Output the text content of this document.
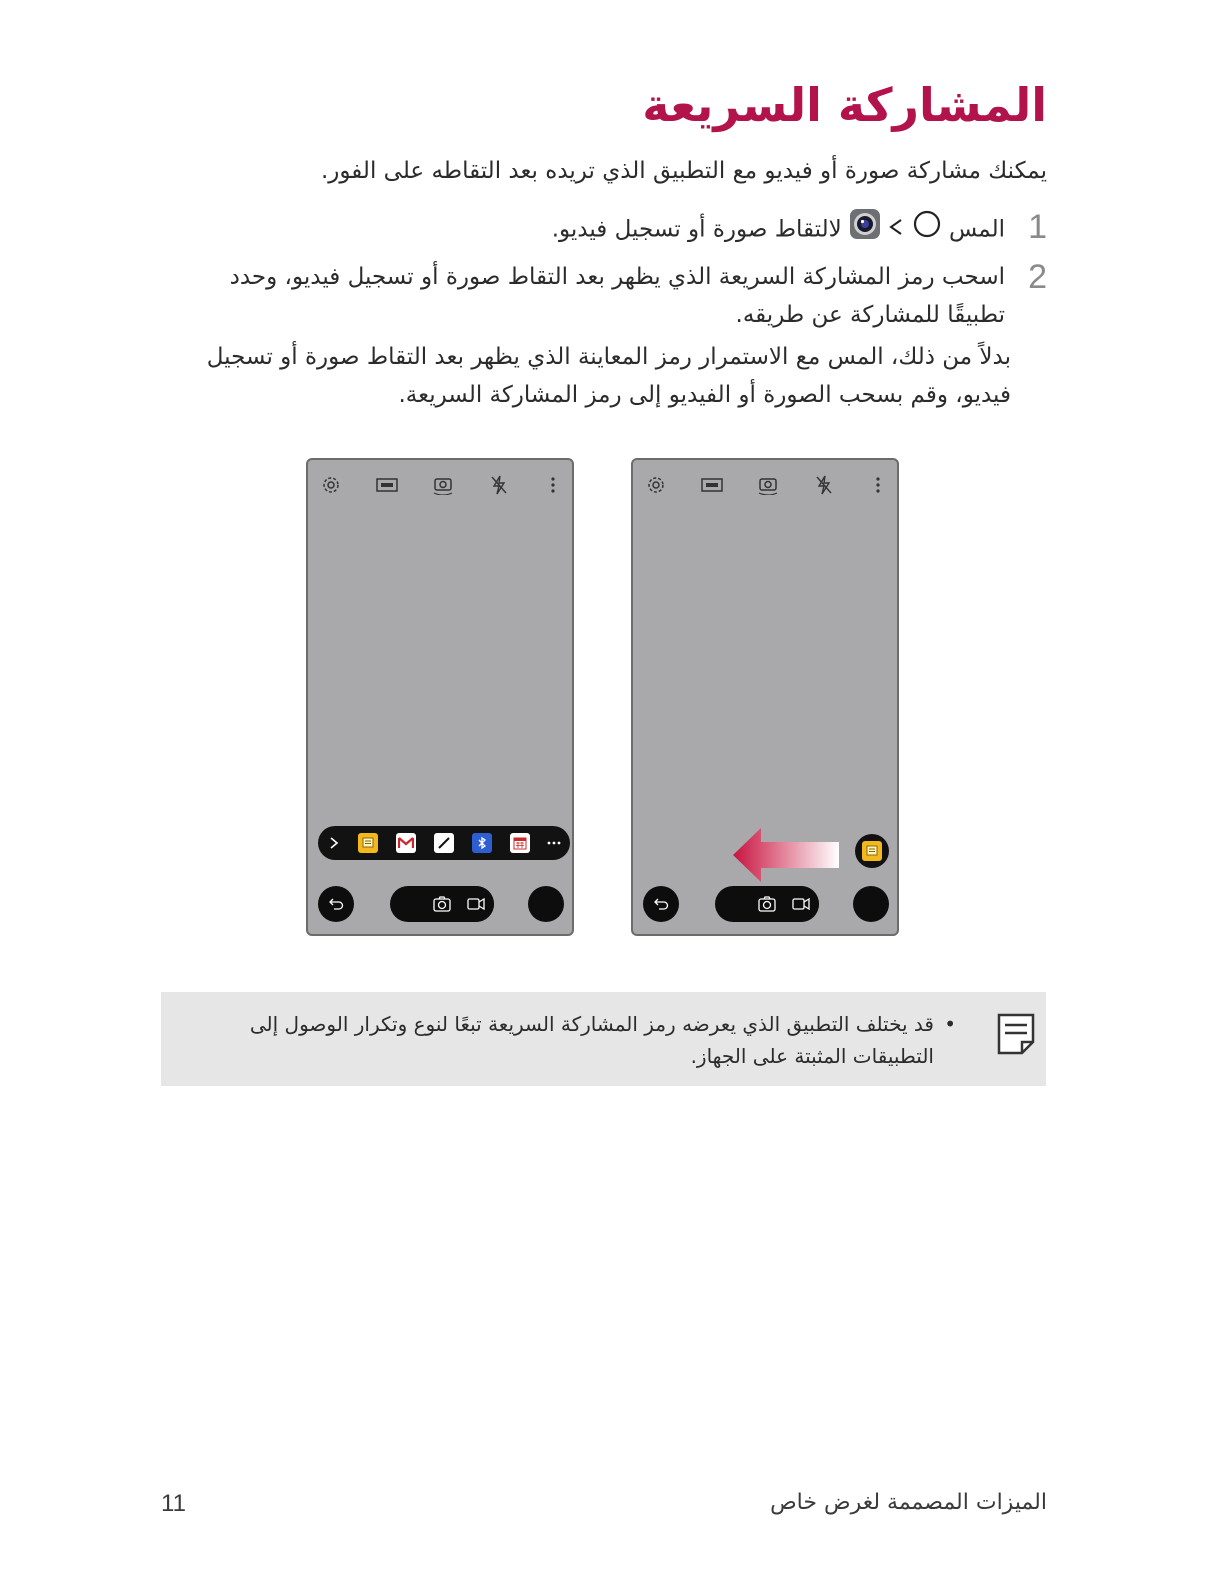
المشاركة السريعة
يمكنك مشاركة صورة أو فيديو مع التطبيق الذي تريده بعد التقاطه على الفور.
1
المس    لالتقاط صورة أو تسجيل فيديو.
2
اسحب رمز المشاركة السريعة الذي يظهر بعد التقاط صورة أو تسجيل فيديو، وحدد تطبيقًا للمشاركة عن طريقه.
بدلاً من ذلك، المس مع الاستمرار رمز المعاينة الذي يظهر بعد التقاط صورة أو تسجيل فيديو، وقم بسحب الصورة أو الفيديو إلى رمز المشاركة السريعة.
•
قد يختلف التطبيق الذي يعرضه رمز المشاركة السريعة تبعًا لنوع وتكرار الوصول إلى التطبيقات المثبتة على الجهاز.
الميزات المصممة لغرض خاص
11
